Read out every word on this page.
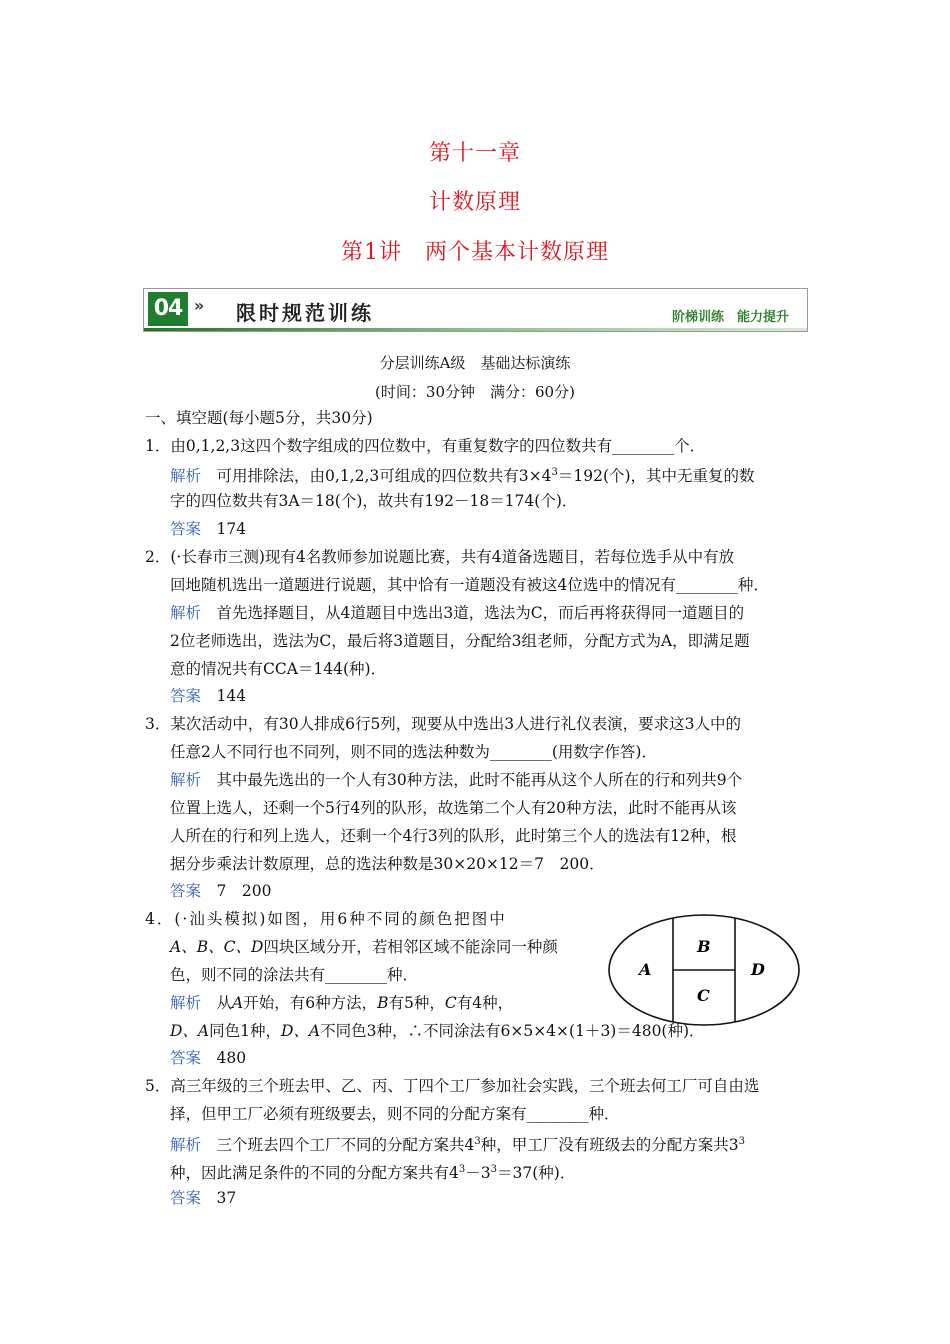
第十一章
计数原理
第1讲　两个基本计数原理
04 » 限时规范训练	阶梯训练　能力提升
分层训练A级　基础达标演练
(时间：30分钟　满分：60分)
一、填空题(每小题5分，共30分)
1．由0,1,2,3这四个数字组成的四位数中，有重复数字的四位数共有________个．
解析　 可用排除法，由0,1,2,3可组成的四位数共有$3\times 4^3=192$(个)，其中无重复的数
字的四位数共有3A＝18(个)，故共有192－18＝174(个)．
答案　 174
2．(·长春市三测)现有4名教师参加说题比赛，共有4道备选题目，若每位选手从中有放
回地随机选出一道题进行说题，其中恰有一道题没有被这4位选中的情况有________种．
解析　 首先选择题目，从4道题目中选出3道，选法为C，而后再将获得同一道题目的
2位老师选出，选法为C，最后将3道题目，分配给3组老师，分配方式为A，即满足题
意的情况共有CCA＝144(种)．
答案　 144
3．某次活动中，有30人排成6行5列，现要从中选出3人进行礼仪表演，要求这3人中的
任意2人不同行也不同列，则不同的选法种数为________(用数字作答)．
解析　 其中最先选出的一个人有30种方法，此时不能再从这个人所在的行和列共9个
位置上选人，还剩一个5行4列的队形，故选第二个人有20种方法，此时不能再从该
人所在的行和列上选人，还剩一个4行3列的队形，此时第三个人的选法有12种，根
据分步乘法计数原理，总的选法种数是30×20×12＝7　200．
答案　 7　200
4．(·汕头模拟)如图，用6种不同的颜色把图中
A、B、C、D四块区域分开，若相邻区域不能涂同一种颜
色，则不同的涂法共有________种．
解析　 从A开始，有6种方法，B有5种，C有4种，
D、A同色1种，D、A不同色3种，∴不同涂法有6×5×4×(1＋3)＝480(种)．
答案　 480
A
B
C
D
5．高三年级的三个班去甲、乙、丙、丁四个工厂参加社会实践，三个班去何工厂可自由选
择，但甲工厂必须有班级要去，则不同的分配方案有________种．
解析　 三个班去四个工厂不同的分配方案共$4^3$种，甲工厂没有班级去的分配方案共$3^3$
种，因此满足条件的不同的分配方案共有$4^3-3^3=37$(种)．
答案　 37
